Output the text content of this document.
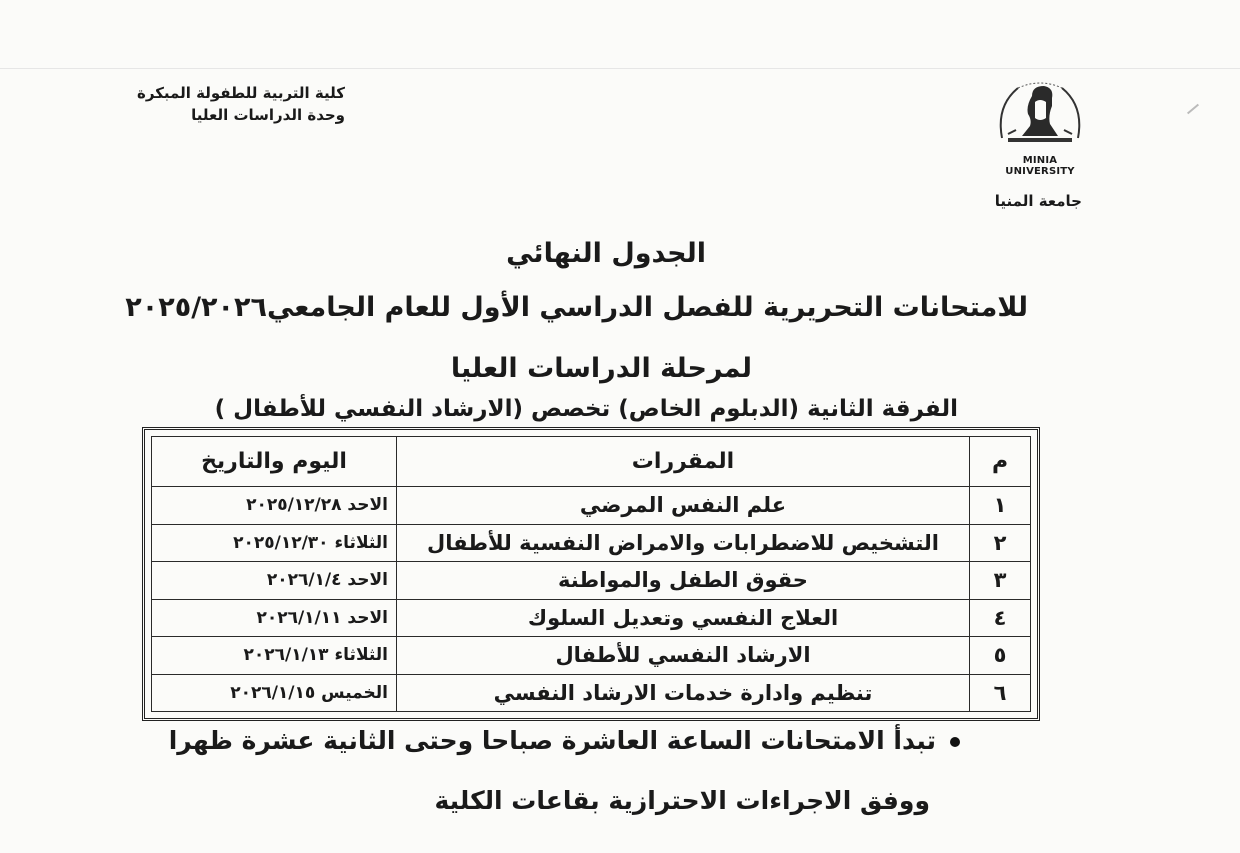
كلية التربية للطفولة المبكرة
وحدة الدراسات العليا
MINIA UNIVERSITY
جامعة المنيا
الجدول النهائي
للامتحانات التحريرية للفصل الدراسي الأول للعام الجامعي٢٠٢٥/٢٠٢٦
لمرحلة الدراسات العليا
الفرقة الثانية (الدبلوم الخاص) تخصص (الارشاد النفسي للأطفال )
م	المقررات	اليوم والتاريخ
١	علم النفس المرضي	الاحد ٢٠٢٥/١٢/٢٨
٢	التشخيص للاضطرابات والامراض النفسية للأطفال	الثلاثاء ٢٠٢٥/١٢/٣٠
٣	حقوق الطفل والمواطنة	الاحد ٢٠٢٦/١/٤
٤	العلاج النفسي وتعديل السلوك	الاحد ٢٠٢٦/١/١١
٥	الارشاد النفسي للأطفال	الثلاثاء ٢٠٢٦/١/١٣
٦	تنظيم وادارة خدمات الارشاد النفسي	الخميس ٢٠٢٦/١/١٥
تبدأ الامتحانات الساعة العاشرة صباحا وحتى الثانية عشرة ظهرا
ووفق الاجراءات الاحترازية بقاعات الكلية
